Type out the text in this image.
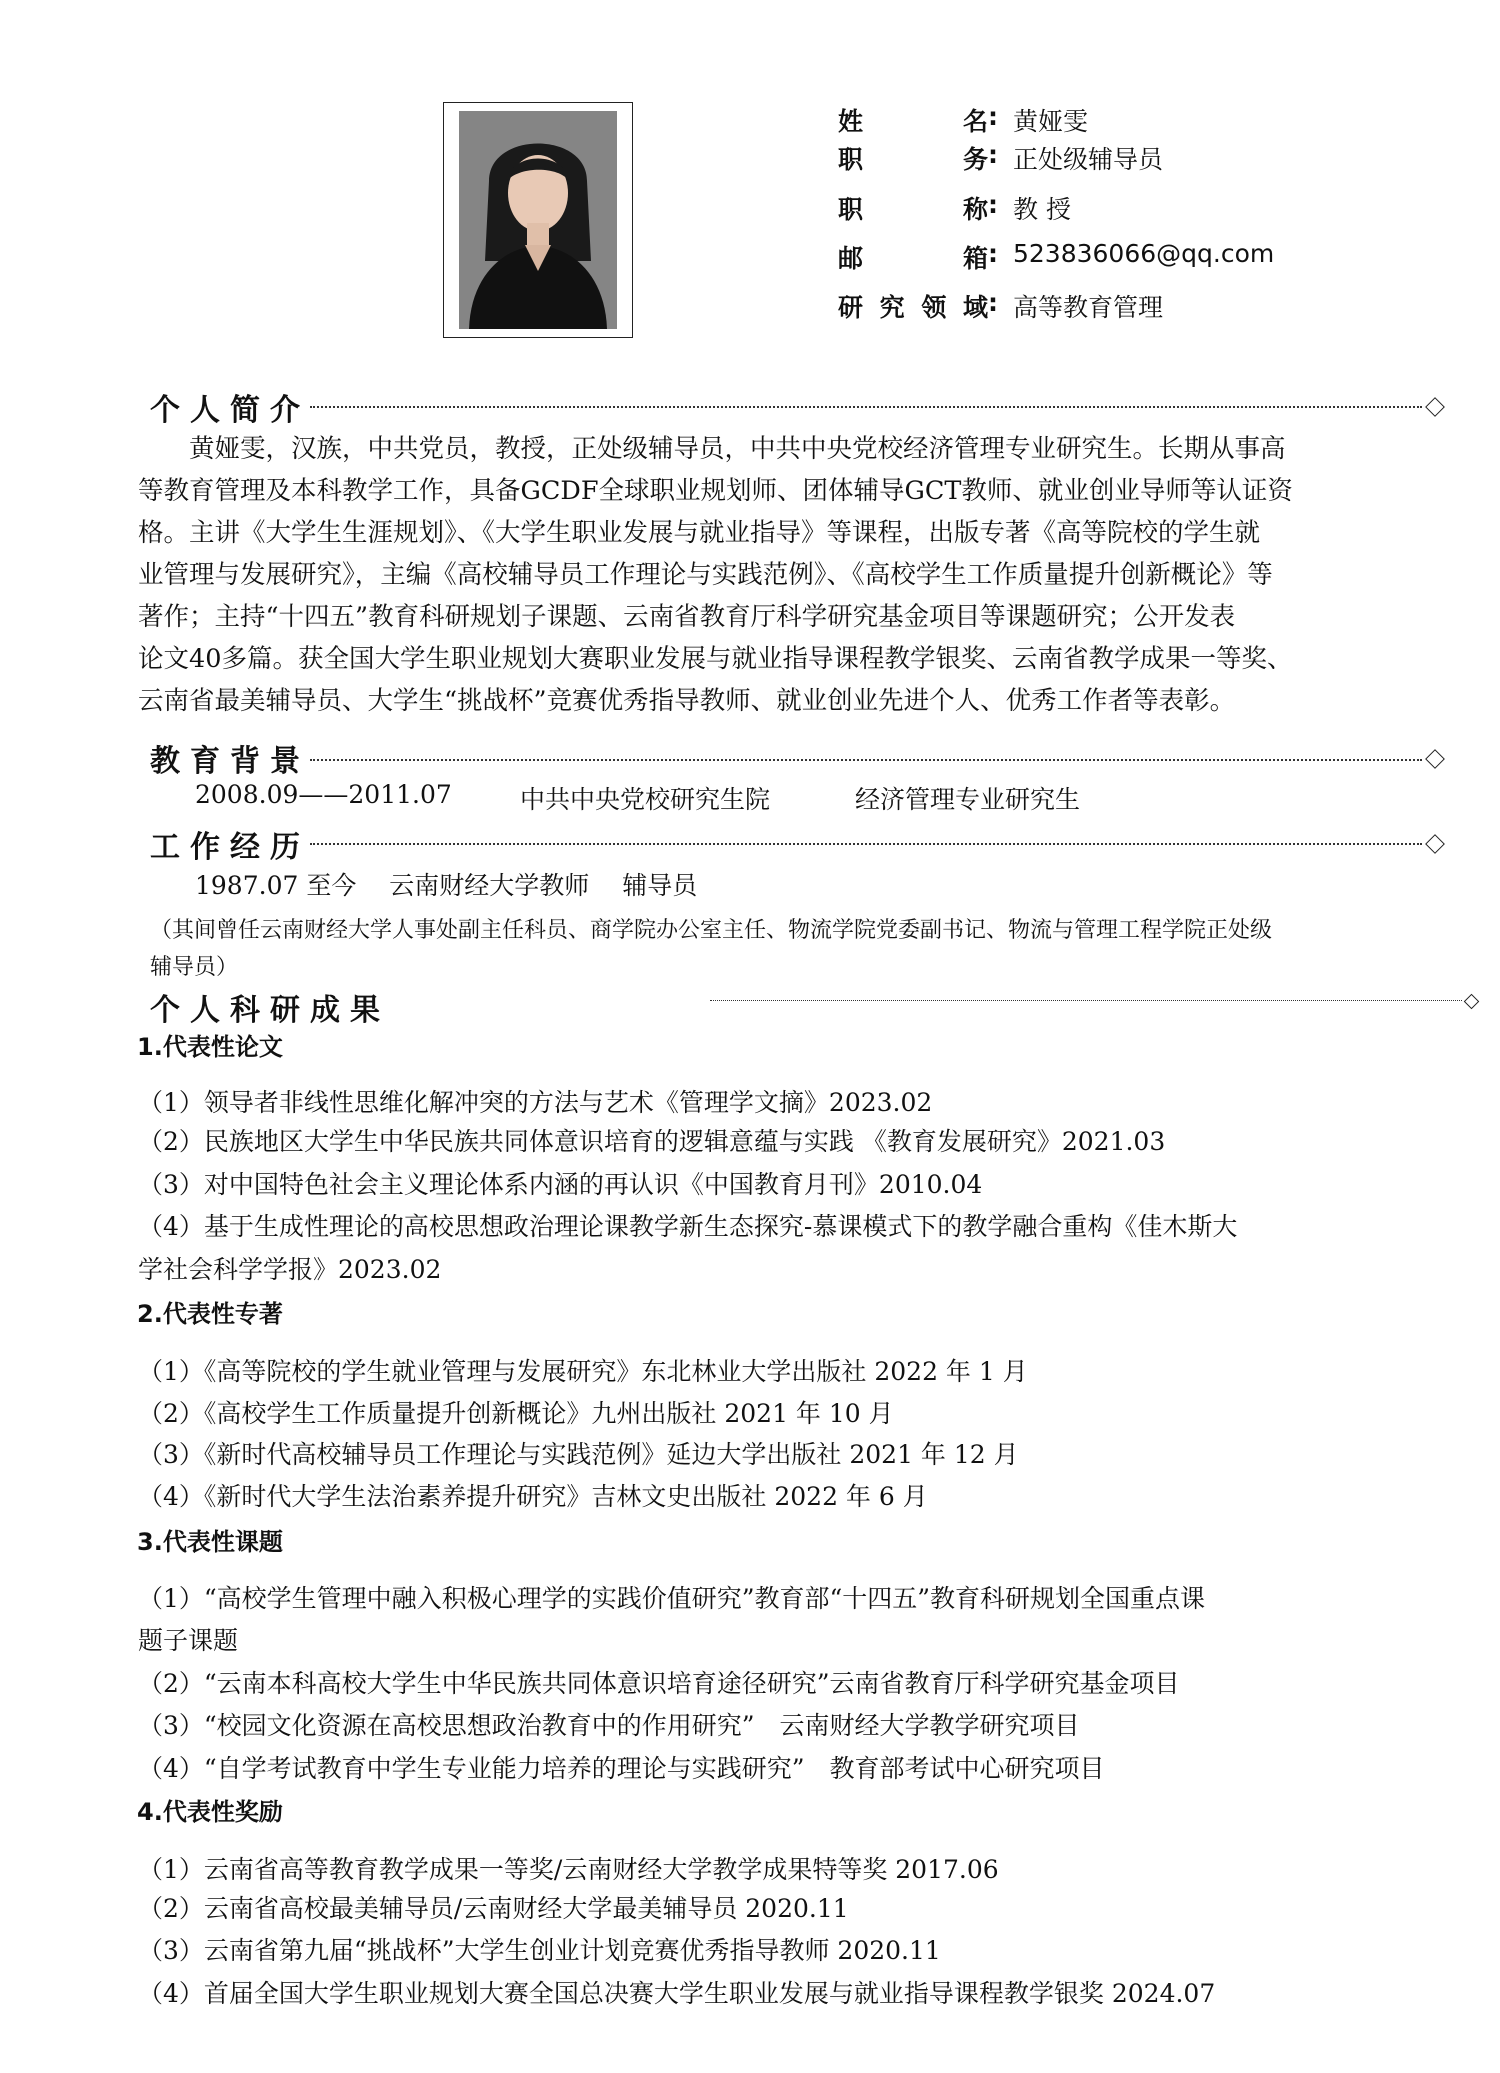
姓名 : 黄娅雯
职务 : 正处级辅导员
职称 : 教 授
邮箱 : 523836066@qq.com
研究领域 : 高等教育管理
个人简介
　　黄娅雯，汉族，中共党员，教授，正处级辅导员，中共中央党校经济管理专业研究生。长期从事高
等教育管理及本科教学工作，具备GCDF全球职业规划师、团体辅导GCT教师、就业创业导师等认证资
格。主讲《大学生生涯规划》、《大学生职业发展与就业指导》等课程，出版专著《高等院校的学生就
业管理与发展研究》，主编《高校辅导员工作理论与实践范例》、《高校学生工作质量提升创新概论》等
著作；主持“十四五”教育科研规划子课题、云南省教育厅科学研究基金项目等课题研究；公开发表
论文40多篇。获全国大学生职业规划大赛职业发展与就业指导课程教学银奖、云南省教学成果一等奖、
云南省最美辅导员、大学生“挑战杯”竞赛优秀指导教师、就业创业先进个人、优秀工作者等表彰。
教育背景
2008.09——2011.07	中共中央党校研究生院	经济管理专业研究生
工作经历
1987.07 至今　 云南财经大学教师　 辅导员
（其间曾任云南财经大学人事处副主任科员、商学院办公室主任、物流学院党委副书记、物流与管理工程学院正处级
辅导员）
个人科研成果
1.代表性论文
（1）领导者非线性思维化解冲突的方法与艺术《管理学文摘》2023.02
（2）民族地区大学生中华民族共同体意识培育的逻辑意蕴与实践 《教育发展研究》2021.03
（3）对中国特色社会主义理论体系内涵的再认识《中国教育月刊》2010.04
（4）基于生成性理论的高校思想政治理论课教学新生态探究-慕课模式下的教学融合重构《佳木斯大
学社会科学学报》2023.02
2.代表性专著
（1）《高等院校的学生就业管理与发展研究》东北林业大学出版社 2022 年 1 月
（2）《高校学生工作质量提升创新概论》九州出版社 2021 年 10 月
（3）《新时代高校辅导员工作理论与实践范例》延边大学出版社 2021 年 12 月
（4）《新时代大学生法治素养提升研究》吉林文史出版社 2022 年 6 月
3.代表性课题
（1）“高校学生管理中融入积极心理学的实践价值研究”教育部“十四五”教育科研规划全国重点课
题子课题
（2）“云南本科高校大学生中华民族共同体意识培育途径研究”云南省教育厅科学研究基金项目
（3）“校园文化资源在高校思想政治教育中的作用研究”　云南财经大学教学研究项目
（4）“自学考试教育中学生专业能力培养的理论与实践研究”　教育部考试中心研究项目
4.代表性奖励
（1）云南省高等教育教学成果一等奖/云南财经大学教学成果特等奖 2017.06
（2）云南省高校最美辅导员/云南财经大学最美辅导员 2020.11
（3）云南省第九届“挑战杯”大学生创业计划竞赛优秀指导教师 2020.11
（4）首届全国大学生职业规划大赛全国总决赛大学生职业发展与就业指导课程教学银奖 2024.07
